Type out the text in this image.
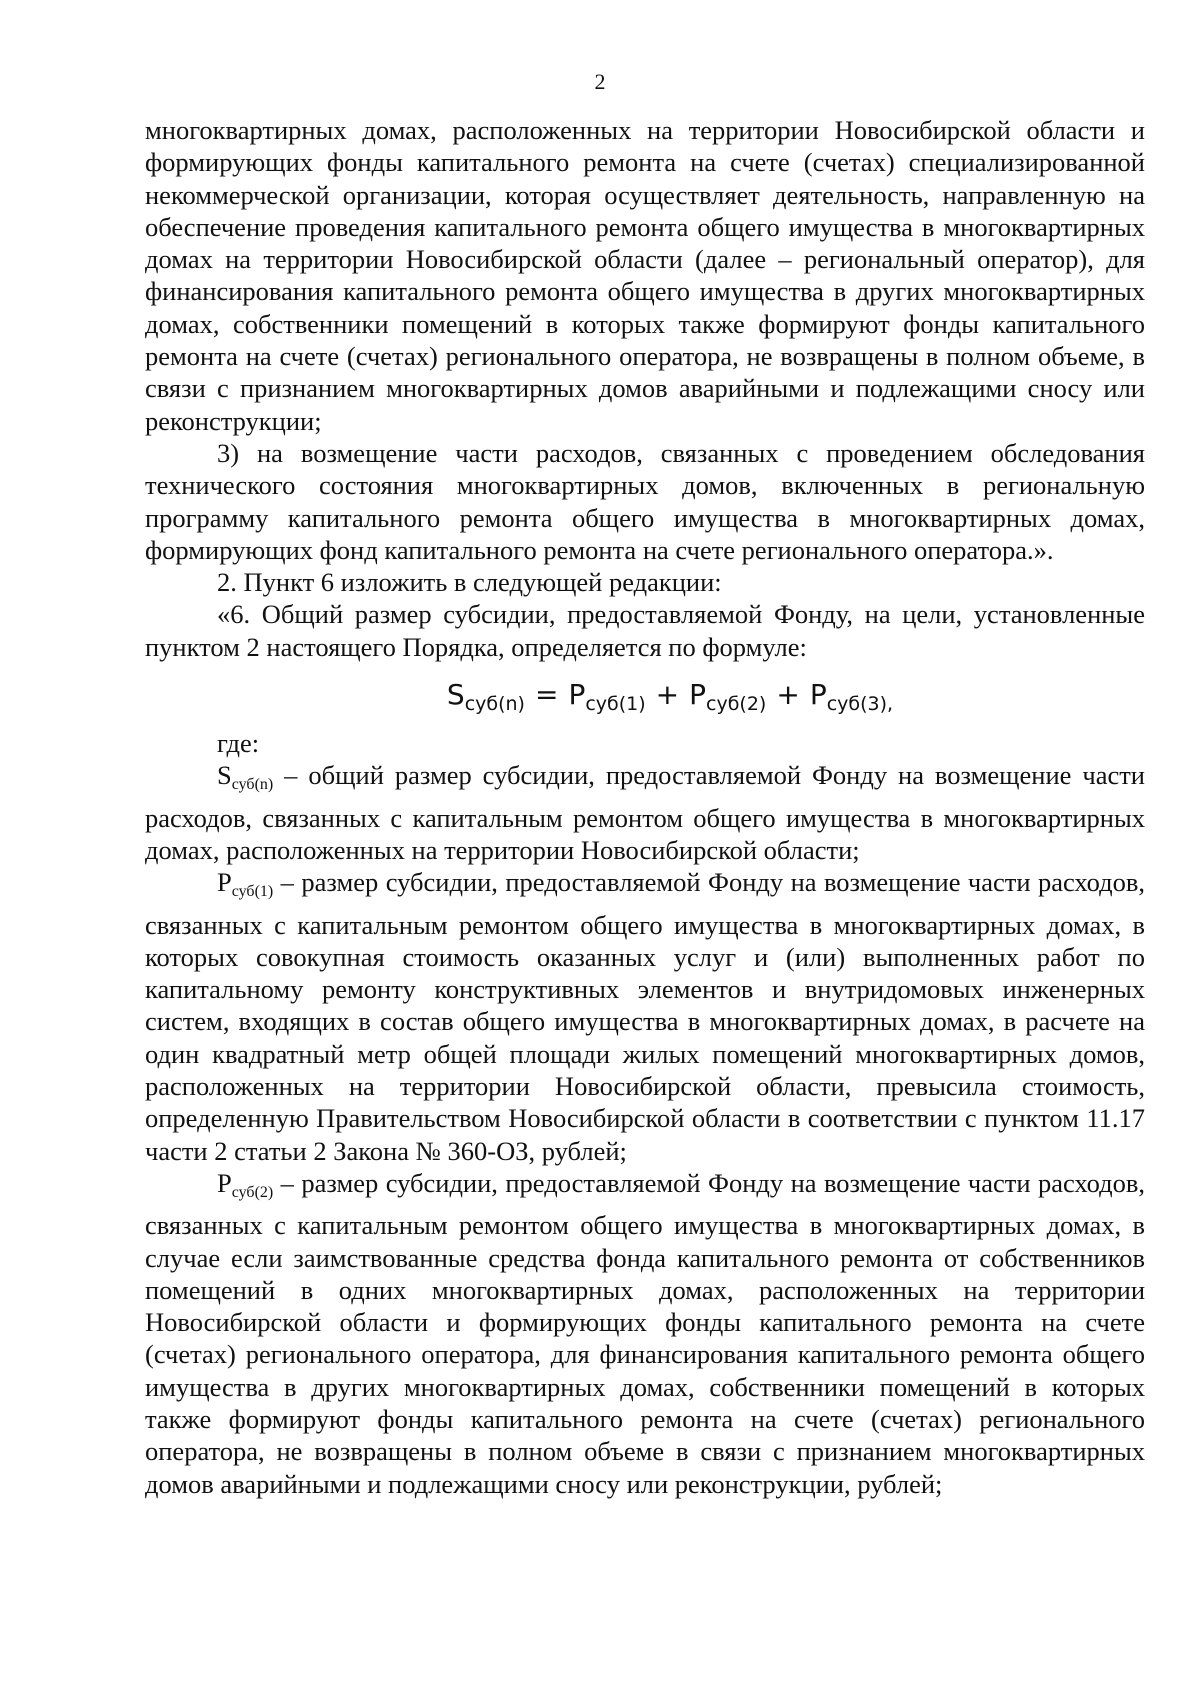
2

многоквартирных домах, расположенных на территории Новосибирской области и формирующих фонды капитального ремонта на счете (счетах) специализированной некоммерческой организации, которая осуществляет деятельность, направленную на обеспечение проведения капитального ремонта общего имущества в многоквартирных домах на территории Новосибирской области (далее – региональный оператор), для финансирования капитального ремонта общего имущества в других многоквартирных домах, собственники помещений в которых также формируют фонды капитального ремонта на счете (счетах) регионального оператора, не возвращены в полном объеме, в связи с признанием многоквартирных домов аварийными и подлежащими сносу или реконструкции;

3) на возмещение части расходов, связанных с проведением обследования технического состояния многоквартирных домов, включенных в региональную программу капитального ремонта общего имущества в многоквартирных домах, формирующих фонд капитального ремонта на счете регионального оператора.».

2. Пункт 6 изложить в следующей редакции:

«6. Общий размер субсидии, предоставляемой Фонду, на цели, установленные пунктом 2 настоящего Порядка, определяется по формуле:

$S_{суб(n)} = P_{суб(1)} + P_{суб(2)} + P_{суб(3),}$

где:

$S_{суб(n)}$ – общий размер субсидии, предоставляемой Фонду на возмещение части расходов, связанных с капитальным ремонтом общего имущества в многоквартирных домах, расположенных на территории Новосибирской области;

$P_{суб(1)}$ – размер субсидии, предоставляемой Фонду на возмещение части расходов, связанных с капитальным ремонтом общего имущества в многоквартирных домах, в которых совокупная стоимость оказанных услуг и (или) выполненных работ по капитальному ремонту конструктивных элементов и внутридомовых инженерных систем, входящих в состав общего имущества в многоквартирных домах, в расчете на один квадратный метр общей площади жилых помещений многоквартирных домов, расположенных на территории Новосибирской области, превысила стоимость, определенную Правительством Новосибирской области в соответствии с пунктом 11.17 части 2 статьи 2 Закона № 360-ОЗ, рублей;

$P_{суб(2)}$ – размер субсидии, предоставляемой Фонду на возмещение части расходов, связанных с капитальным ремонтом общего имущества в многоквартирных домах, в случае если заимствованные средства фонда капитального ремонта от собственников помещений в одних многоквартирных домах, расположенных на территории Новосибирской области и формирующих фонды капитального ремонта на счете (счетах) регионального оператора, для финансирования капитального ремонта общего имущества в других многоквартирных домах, собственники помещений в которых также формируют фонды капитального ремонта на счете (счетах) регионального оператора, не возвращены в полном объеме в связи с признанием многоквартирных домов аварийными и подлежащими сносу или реконструкции, рублей;
